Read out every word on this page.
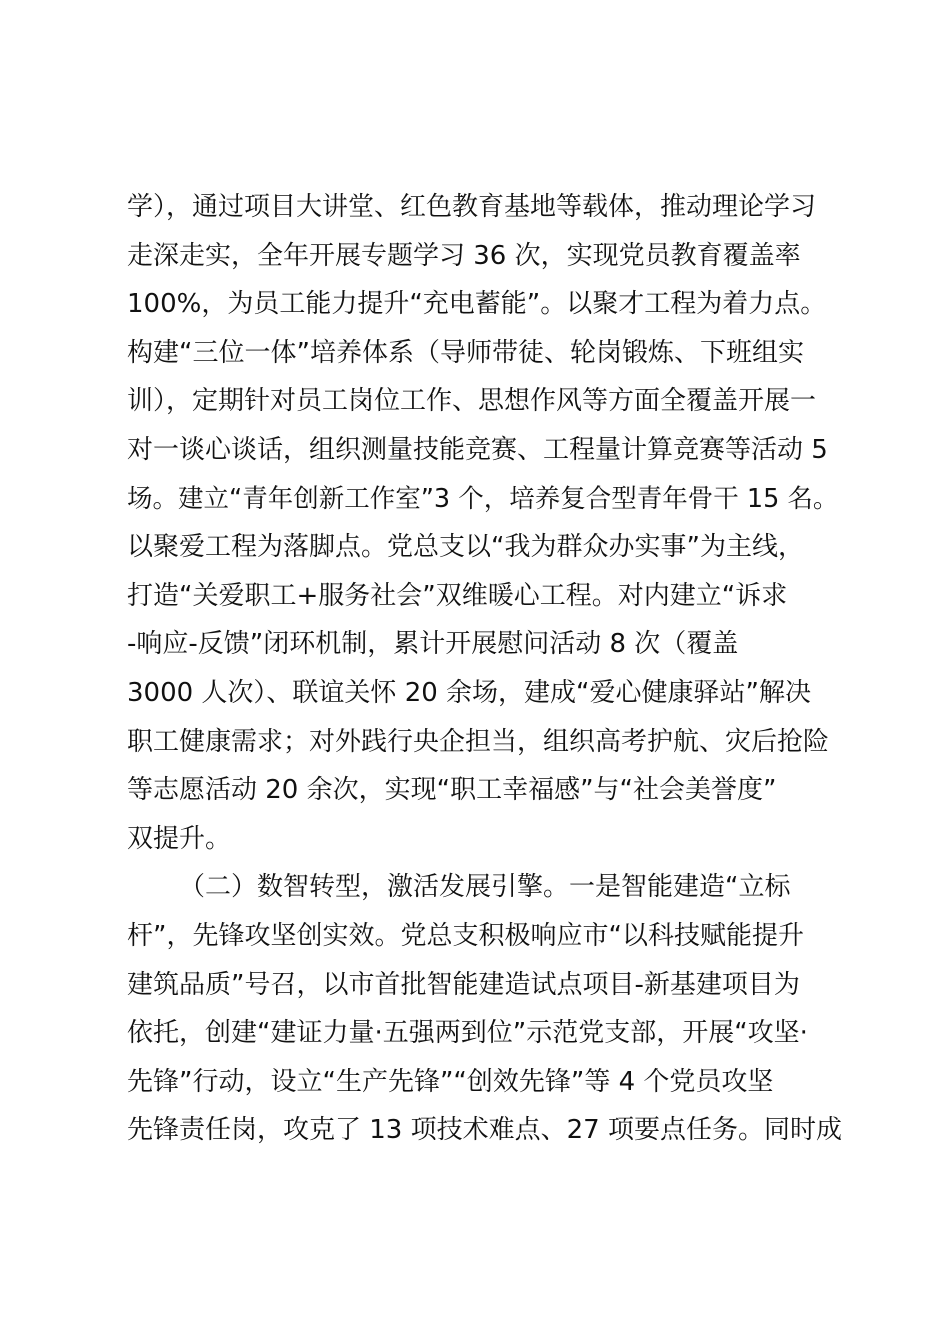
学），通过项目大讲堂、红色教育基地等载体，推动理论学习
走深走实，全年开展专题学习 36 次，实现党员教育覆盖率
100%，为员工能力提升“充电蓄能”。以聚才工程为着力点。
构建“三位一体”培养体系（导师带徒、轮岗锻炼、下班组实
训），定期针对员工岗位工作、思想作风等方面全覆盖开展一
对一谈心谈话，组织测量技能竞赛、工程量计算竞赛等活动 5
场。建立“青年创新工作室”3 个，培养复合型青年骨干 15 名。
以聚爱工程为落脚点。党总支以“我为群众办实事”为主线，
打造“关爱职工+服务社会”双维暖心工程。对内建立“诉求
-响应-反馈”闭环机制，累计开展慰问活动 8 次（覆盖
3000 人次）、联谊关怀 20 余场，建成“爱心健康驿站”解决
职工健康需求；对外践行央企担当，组织高考护航、灾后抢险
等志愿活动 20 余次，实现“职工幸福感”与“社会美誉度”
双提升。
（二）数智转型，激活发展引擎。一是智能建造“立标
杆”，先锋攻坚创实效。党总支积极响应市“以科技赋能提升
建筑品质”号召，以市首批智能建造试点项目-新基建项目为
依托，创建“建证力量·五强两到位”示范党支部，开展“攻坚·
先锋”行动，设立“生产先锋”“创效先锋”等 4 个党员攻坚
先锋责任岗，攻克了 13 项技术难点、27 项要点任务。同时成
